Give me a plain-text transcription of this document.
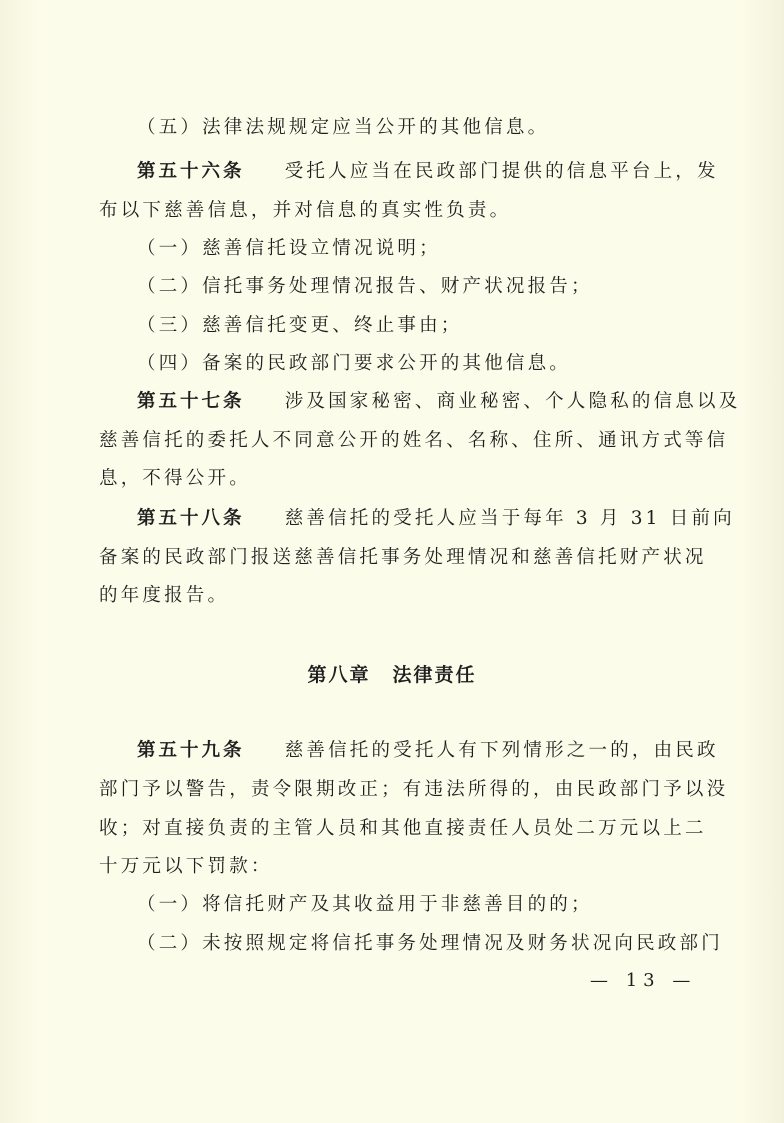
（五）法律法规规定应当公开的其他信息。
第五十六条 受托人应当在民政部门提供的信息平台上，发
布以下慈善信息，并对信息的真实性负责。
（一）慈善信托设立情况说明；
（二）信托事务处理情况报告、财产状况报告；
（三）慈善信托变更、终止事由；
（四）备案的民政部门要求公开的其他信息。
第五十七条 涉及国家秘密、商业秘密、个人隐私的信息以及
慈善信托的委托人不同意公开的姓名、名称、住所、通讯方式等信
息，不得公开。
第五十八条 慈善信托的受托人应当于每年 3 月 31 日前向
备案的民政部门报送慈善信托事务处理情况和慈善信托财产状况
的年度报告。
第八章 法律责任
第五十九条 慈善信托的受托人有下列情形之一的，由民政
部门予以警告，责令限期改正；有违法所得的，由民政部门予以没
收；对直接负责的主管人员和其他直接责任人员处二万元以上二
十万元以下罚款：
（一）将信托财产及其收益用于非慈善目的的；
（二）未按照规定将信托事务处理情况及财务状况向民政部门
— 13 —
